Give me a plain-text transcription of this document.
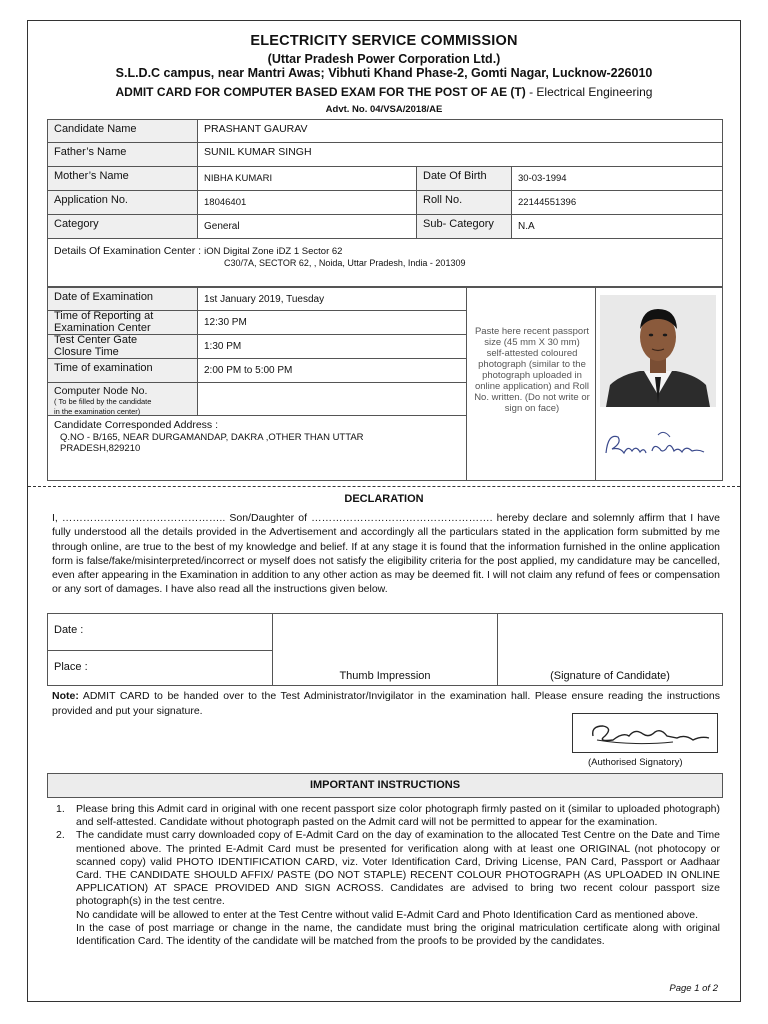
ELECTRICITY SERVICE COMMISSION
(Uttar Pradesh Power Corporation Ltd.)
S.L.D.C campus, near Mantri Awas; Vibhuti Khand Phase-2, Gomti Nagar, Lucknow-226010
ADMIT CARD FOR COMPUTER BASED EXAM FOR THE POST OF AE (T) - Electrical Engineering
Advt. No. 04/VSA/2018/AE
Candidate Name	PRASHANT GAURAV
Father’s Name	SUNIL KUMAR SINGH
Mother’s Name	NIBHA KUMARI	Date Of Birth	30-03-1994
Application No.	18046401	Roll No.	22144551396
Category	General	Sub- Category	N.A
Details Of Examination Center : iON Digital Zone iDZ 1 Sector 62
C30/7A, SECTOR 62, , Noida, Uttar Pradesh, India - 201309
Date of Examination	1st January 2019, Tuesday
Time of Reporting at
Examination Center	12:30 PM
Test Center Gate
Closure Time	1:30 PM
Time of examination	2:00 PM to 5:00 PM
Computer Node No.
( To be filled by the candidate
in the examination center)
Candidate Corresponded Address :
Q.NO - B/165, NEAR DURGAMANDAP, DAKRA ,OTHER THAN UTTAR
PRADESH,829210
Paste here recent passport size (45 mm X 30 mm) self-attested coloured photograph (similar to the photograph uploaded in online application) and Roll No. written. (Do not write or sign on face)
DECLARATION
I, ……………………………………….. Son/Daughter of ……………………………………………. hereby declare and solemnly affirm that I have fully understood all the details provided in the Advertisement and accordingly all the particulars stated in the application form submitted by me through online, are true to the best of my knowledge and belief. If at any stage it is found that the information furnished in the online application form is false/fake/misinterpreted/incorrect or myself does not satisfy the eligibility criteria for the post applied, my candidature may be cancelled, even after appearing in the Examination in addition to any other action as may be deemed fit. I will not claim any refund of fees or compensation or any sort of damages. I have also read all the instructions given below.
Date :
Place :
Thumb Impression	(Signature of Candidate)
Note: ADMIT CARD to be handed over to the Test Administrator/Invigilator in the examination hall. Please ensure reading the instructions provided and put your signature.
(Authorised Signatory)
IMPORTANT INSTRUCTIONS
1. Please bring this Admit card in original with one recent passport size color photograph firmly pasted on it (similar to uploaded photograph) and self-attested. Candidate without photograph pasted on the Admit card will not be permitted to appear for the examination.
2. The candidate must carry downloaded copy of E-Admit Card on the day of examination to the allocated Test Centre on the Date and Time mentioned above. The printed E-Admit Card must be presented for verification along with at least one ORIGINAL (not photocopy or scanned copy) valid PHOTO IDENTIFICATION CARD, viz. Voter Identification Card, Driving License, PAN Card, Passport or Aadhaar Card. THE CANDIDATE SHOULD AFFIX/ PASTE (DO NOT STAPLE) RECENT COLOUR PHOTOGRAPH (AS UPLOADED IN ONLINE APPLICATION) AT SPACE PROVIDED AND SIGN ACROSS. Candidates are advised to bring two recent colour passport size photograph(s) in the test centre.
No candidate will be allowed to enter at the Test Centre without valid E-Admit Card and Photo Identification Card as mentioned above.
In the case of post marriage or change in the name, the candidate must bring the original matriculation certificate along with original Identification Card. The identity of the candidate will be matched from the proofs to be provided by the candidates.
Page 1 of 2
